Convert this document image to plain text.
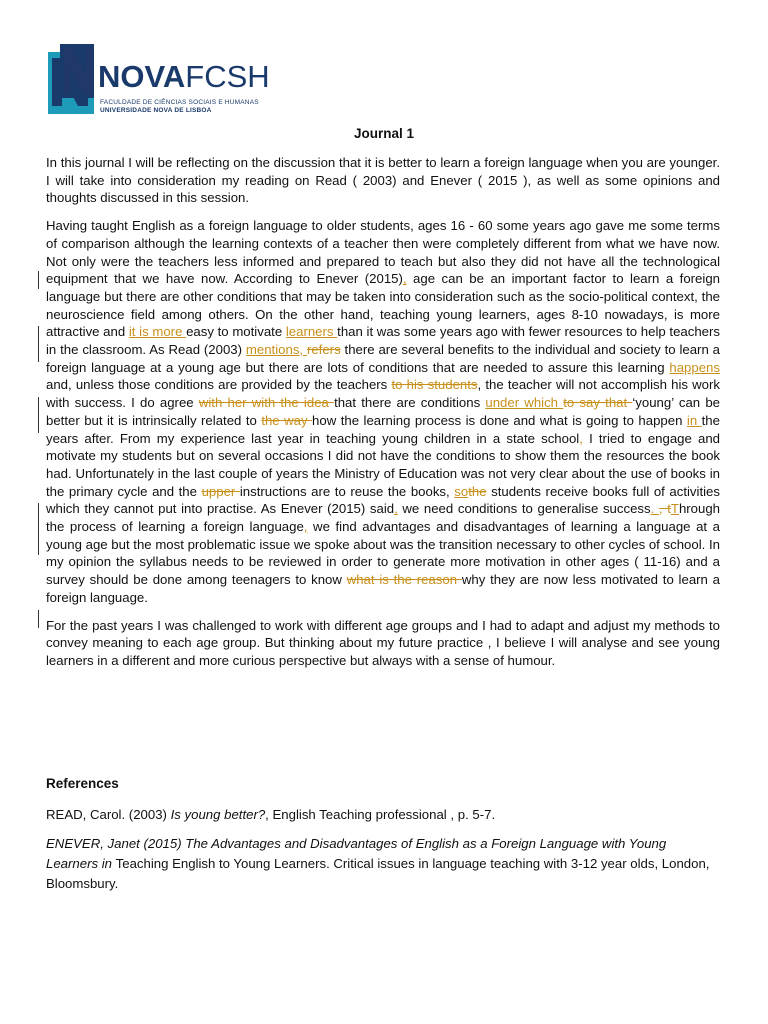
NOVAFCSH
FACULDADE DE CIÊNCIAS SOCIAIS E HUMANAS
UNIVERSIDADE NOVA DE LISBOA
Journal 1

In this journal I will be reflecting on the discussion that it is better to learn a foreign language when you are younger. I will take into consideration my reading on Read ( 2003) and Enever ( 2015 ), as well as some opinions and thoughts discussed in this session.

Having taught English as a foreign language to older students, ages 16 - 60 some years ago gave me some terms of comparison although the learning contexts of a teacher then were completely different from what we have now. Not only were the teachers less informed and prepared to teach but also they did not have all the technological equipment that we have now. According to Enever (2015), age can be an important factor to learn a foreign language but there are other conditions that may be taken into consideration such as the socio-political context, the neuroscience field among others. On the other hand, teaching young learners, ages 8-10 nowadays, is more attractive and it is more easy to motivate learners than it was some years ago with fewer resources to help teachers in the classroom. As Read (2003) mentions, refers there are several benefits to the individual and society to learn a foreign language at a young age but there are lots of conditions that are needed to assure this learning happens and, unless those conditions are provided by the teachers to his students, the teacher will not accomplish his work with success. I do agree with her with the idea that there are conditions under which to say that ‘young’ can be better but it is intrinsically related to the way how the learning process is done and what is going to happen in the years after. From my experience last year in teaching young children in a state school, I tried to engage and motivate my students but on several occasions I did not have the conditions to show them the resources the book had. Unfortunately in the last couple of years the Ministry of Education was not very clear about the use of books in the primary cycle and the upper instructions are to reuse the books, sothe students receive books full of activities which they cannot put into practise. As Enever (2015) said, we need conditions to generalise success. , tThrough the process of learning a foreign language, we find advantages and disadvantages of learning a language at a young age but the most problematic issue we spoke about was the transition necessary to other cycles of school. In my opinion the syllabus needs to be reviewed in order to generate more motivation in other ages ( 11-16) and a survey should be done among teenagers to know what is the reason why they are now less motivated to learn a foreign language.

For the past years I was challenged to work with different age groups and I had to adapt and adjust my methods to convey meaning to each age group. But thinking about my future practice , I believe I will analyse and see young learners in a different and more curious perspective but always with a sense of humour.

References
READ, Carol. (2003) Is young better?, English Teaching professional , p. 5-7.
ENEVER, Janet (2015) The Advantages and Disadvantages of English as a Foreign Language with Young Learners in Teaching English to Young Learners. Critical issues in language teaching with 3-12 year olds, London, Bloomsbury.
